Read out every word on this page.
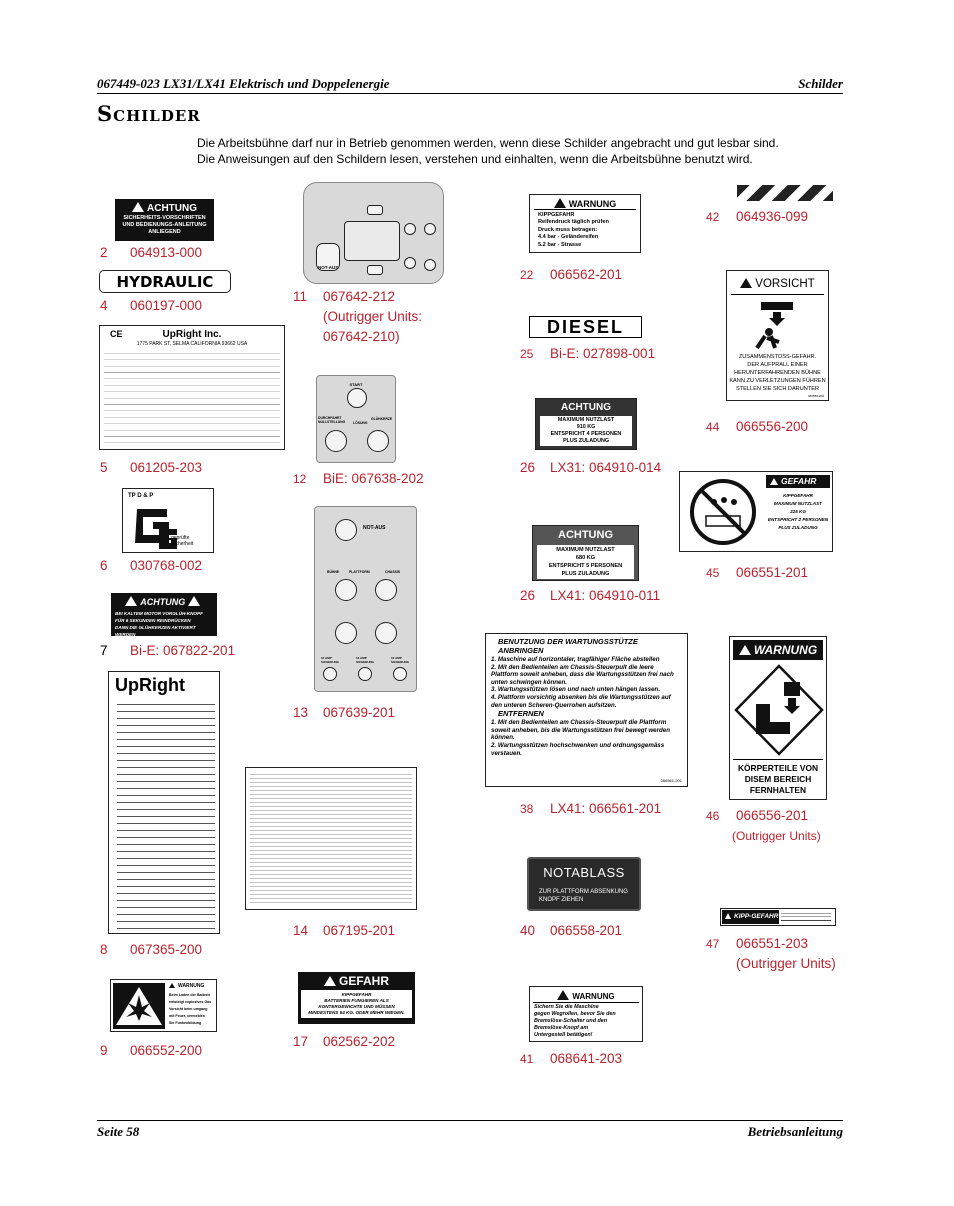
067449-023 LX31/LX41 Elektrisch und Doppelenergie	Schilder
Schilder
Die Arbeitsbühne darf nur in Betrieb genommen werden, wenn diese Schilder angebracht und gut lesbar sind.
Die Anweisungen auf den Schildern lesen, verstehen und einhalten, wenn die Arbeitsbühne benutzt wird.
ACHTUNG
SICHERHEITS-VORSCHRIFTEN
UND BEDIENUNGS-ANLEITUNG
ANLIEGEND
2 064913-000
HYDRAULIC
4 060197-000
CE	UpRight Inc.
1775 PARK ST, SELMA CALIFORNIA 93662 USA
5 061205-203
TP D & P
geprüfte
Sicherheit
6 030768-002
ACHTUNG
BEI KALTEM MOTOR VORGLÜH-KNOPF
FÜR 6 SEKUNDEN REINDRÜCKEN
DANN DIE GLÜHKERZEN AKTIVIERT WERDEN
7 Bi-E: 067822-201
UpRight
8 067365-200
WARNUNG
Beim Laden der Batterie
entsteigt explosives Gas
Vorsicht beim umgang
mit Feuer, vermeiden
Sie Funkenbildung
9 066552-200
NOT-AUS
11 067642-212
(Outrigger Units:
067642-210)
START
DURCHFAHRT NULLSTELLUNG	LÖSUNG
GLÜHKERZE
12 BiE: 067638-202
NOT-AUS
BÜHNE	PLATTFORM	CHASSIS
16 AMP SICHERUNG
16 AMP SICHERUNG
10 AMP SICHERUNG
13 067639-201
14 067195-201
GEFAHR
KIPPGEFAHR
BATTERIEN FUNGIEREN ALS
KONTERGEWICHTE UND MÜSSEN
MINDESTENS 54 KG. ODER MEHR WIEGEN.
17 062562-202
WARNUNG
KIPPGEFAHR
Reifendruck täglich prüfen
Druck muss betragen:
4.4 bar - Geländereifen
5.2 bar - Strasse
22 066562-201
DIESEL
25 Bi-E: 027898-001
ACHTUNG
MAXIMUM NUTZLAST
910 KG
ENTSPRICHT 4 PERSONEN
PLUS ZULADUNG
26 LX31: 064910-014
ACHTUNG
MAXIMUM NUTZLAST
680 KG
ENTSPRICHT 5 PERSONEN
PLUS ZULADUNG
26 LX41: 064910-011
BENUTZUNG DER WARTUNGSSTÜTZE
ANBRINGEN
1. Maschine auf horizontaler, tragfähiger Fläche abstellen
2. Mit den Bedienteilen am Chassis-Steuerpult die leere Plattform soweit anheben, dass die Wartungsstützen frei nach unten schwingen können.
3. Wartungsstützen lösen und nach unten hängen lassen.
4. Plattform vorsichtig absenken bis die Wartungsstützen auf den unteren Scheren-Querrohen aufsitzen.
ENTFERNEN
1. Mit den Bedienteilen am Chassis-Steuerpult die Plattform soweit anheben, bis die Wartungsstützen frei bewegt werden können.
2. Wartungsstützen hochschwenken und ordnungsgemäss verstauen.
066561-201
38 LX41: 066561-201
NOTABLASS
ZUR PLATTFORM ABSENKUNG
KNOPF ZIEHEN
40 066558-201
WARNUNG
Sichern Sie die Maschine
gegen Wegrollen, bevor Sie den
Bremslöse-Schalter und den
Bremslöse-Knopf am
Untergestell betätigen!
41 068641-203
42 064936-099
VORSICHT
ZUSAMMENSTOSS-GEFAHR.
DER AUFPRALL EINER
HERUNTERFAHRENDEN BÜHNE
KANN ZU VERLETZUNGEN FÜHREN
STELLEN SIE SICH DARUNTER
066556-200
44 066556-200
GEFAHR
KIPPGEFAHR
MAXIMUM NUTZLAST
225 KG
ENTSPRICHT 2 PERSONEN
PLUS ZULADUNG
45 066551-201
WARNUNG
KÖRPERTEILE VON
DISEM BEREICH
FERNHALTEN
46 066556-201
(Outrigger Units)
KIPP-GEFAHR
47 066551-203
(Outrigger Units)
Seite 58	Betriebsanleitung
